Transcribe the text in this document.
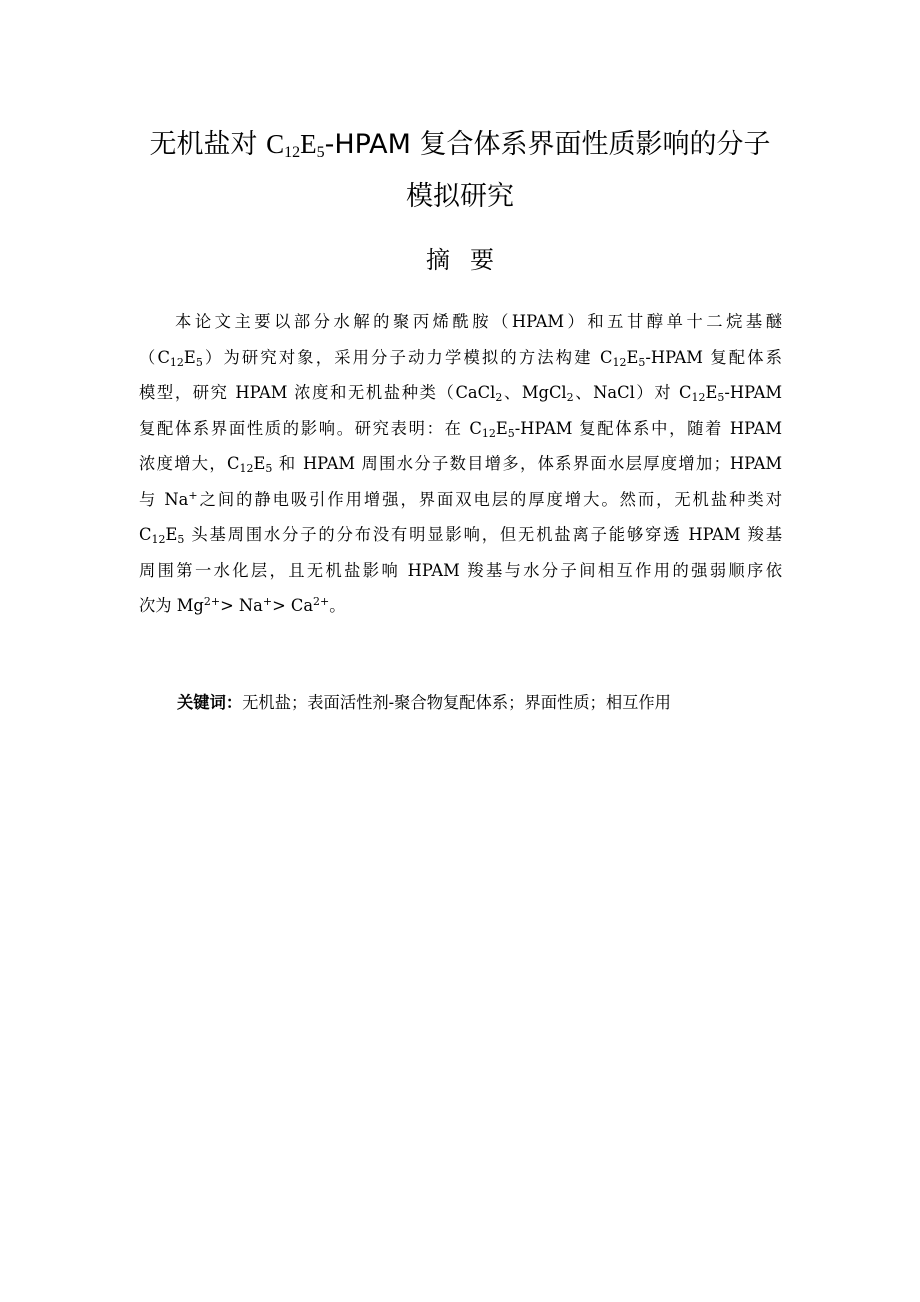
无机盐对 $C_{12}E_5$-HPAM 复合体系界面性质影响的分子
模拟研究
摘要
本论文主要以部分水解的聚丙烯酰胺（HPAM）和五甘醇单十二烷基醚
$(C_{12}E_5)$为研究对象，采用分子动力学模拟的方法构建 $C_{12}E_5$-HPAM 复配体系
模型，研究 HPAM 浓度和无机盐种类（CaCl$_2$、MgCl$_2$、NaCl）对 $C_{12}E_5$-HPAM
复配体系界面性质的影响。研究表明：在 $C_{12}E_5$-HPAM 复配体系中，随着 HPAM
浓度增大，$C_{12}E_5$ 和 HPAM 周围水分子数目增多，体系界面水层厚度增加；HPAM
与 Na+之间的静电吸引作用增强，界面双电层的厚度增大。然而，无机盐种类对
$C_{12}E_5$ 头基周围水分子的分布没有明显影响，但无机盐离子能够穿透 HPAM 羧基
周围第一水化层，且无机盐影响 HPAM 羧基与水分子间相互作用的强弱顺序依
次为 $Mg^{2+}> Na^+> Ca^{2+}$。
关键词：无机盐；表面活性剂-聚合物复配体系；界面性质；相互作用
